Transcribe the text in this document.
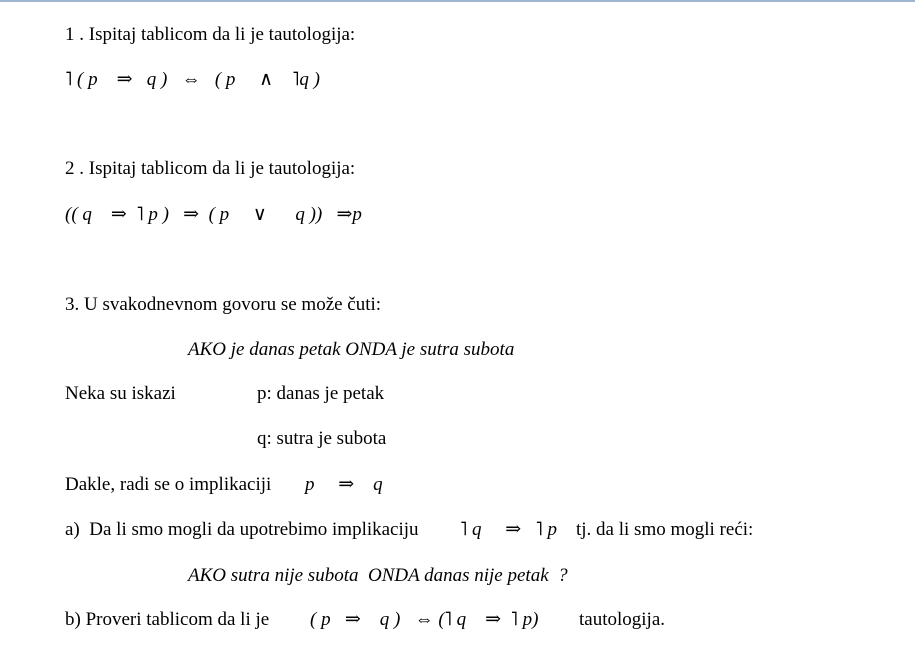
1 . Ispitaj tablicom da li je tautologija:
˥ ( p    ⇒   q )   ⇔   ( p     ∧    ˥q )
2 . Ispitaj tablicom da li je tautologija:
(( q    ⇒  ˥ p )   ⇒  ( p     ∨      q ))   ⇒p
3. U svakodnevnom govoru se može čuti:
AKO je danas petak ONDA je sutra subota
Neka su iskazi	p: danas je petak
q: sutra je subota
Dakle, radi se o implikaciji p     ⇒    q
a)  Da li smo mogli da upotrebimo implikaciju ˥ q     ⇒   ˥ p tj. da li smo mogli reći:
AKO sutra nije subota  ONDA danas nije petak  ?
b) Proveri tablicom da li je ( p   ⇒    q )   ⇔ (˥ q    ⇒  ˥ p) tautologija.
